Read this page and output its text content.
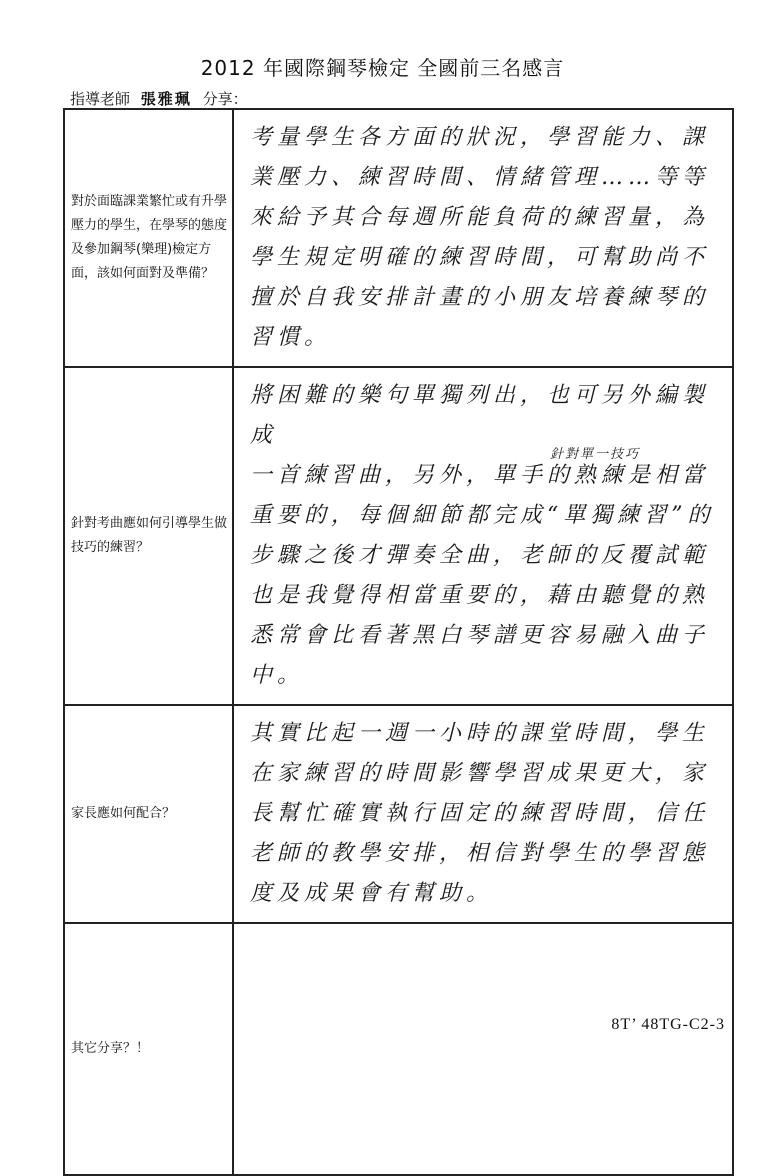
2012 年國際鋼琴檢定 全國前三名感言
指導老師 張雅珮 分享：
對於面臨課業繁忙或有升學壓力的學生，在學琴的態度及參加鋼琴(樂理)檢定方面，該如何面對及準備？	考量學生各方面的狀況，學習能力、課業壓力、練習時間、情緒管理……等等 來給予其合每週所能負荷的練習量，為學生規定明確的練習時間，可幫助尚不擅於自我安排計畫的小朋友培養練琴的習慣。
針對考曲應如何引導學生做技巧的練習？	將困難的樂句單獨列出，也可另外編製成
針對單一技巧
一首練習曲，另外，單手的熟練是相當重要的，每個細節都完成“單獨練習”的步驟之後才彈奏全曲，老師的反覆試範也是我覺得相當重要的，藉由聽覺的熟悉常會比看著黑白琴譜更容易融入曲子中。

家長應如何配合？	其實比起一週一小時的課堂時間，學生在家練習的時間影響學習成果更大，家長幫忙確實執行固定的練習時間，信任老師的教學安排，相信對學生的學習態度及成果會有幫助。
其它分享？！	
8T’ 48TG-C2-3
